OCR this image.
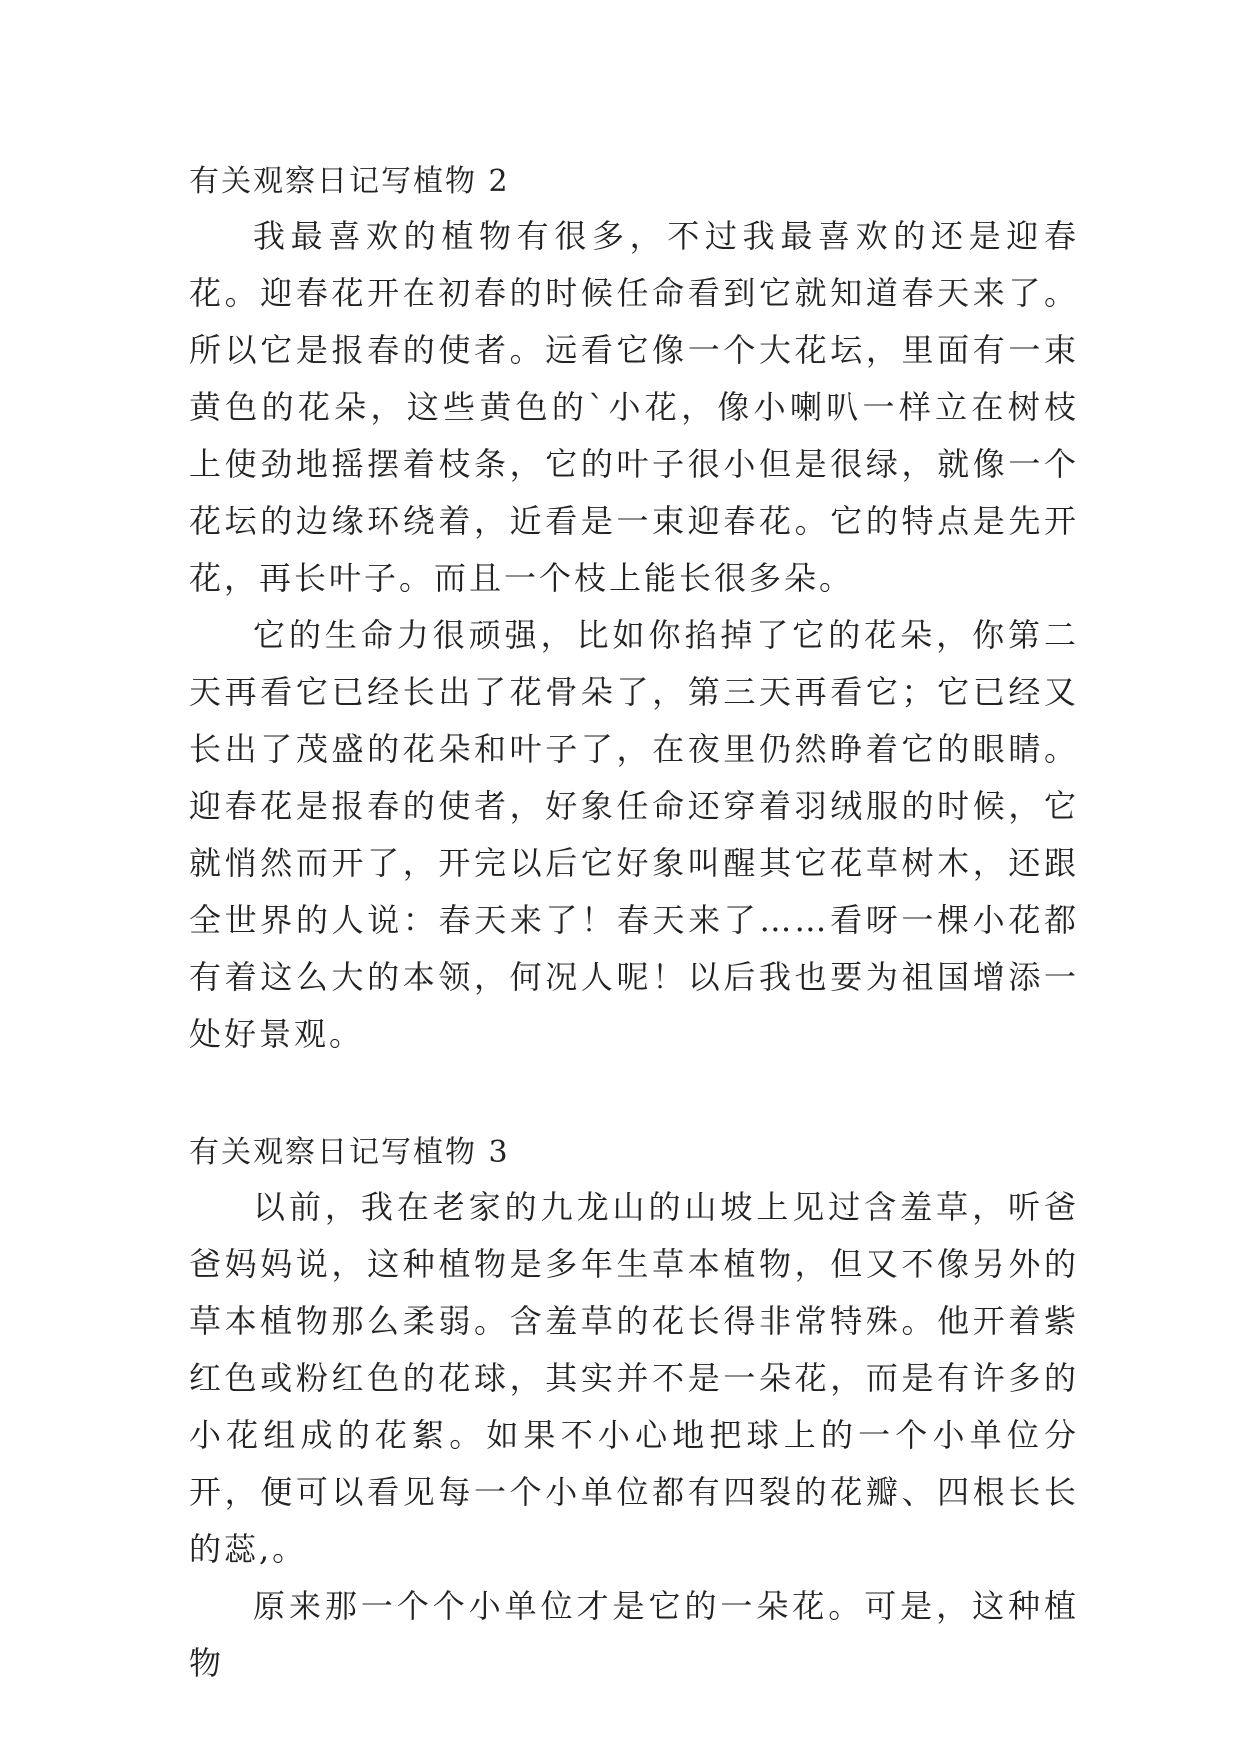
有关观察日记写植物 2

我最喜欢的植物有很多，不过我最喜欢的还是迎春花。迎春花开在初春的时候任命看到它就知道春天来了。所以它是报春的使者。远看它像一个大花坛，里面有一束黄色的花朵，这些黄色的`小花，像小喇叭一样立在树枝上使劲地摇摆着枝条，它的叶子很小但是很绿，就像一个花坛的边缘环绕着，近看是一束迎春花。它的特点是先开花，再长叶子。而且一个枝上能长很多朵。

它的生命力很顽强，比如你掐掉了它的花朵，你第二天再看它已经长出了花骨朵了，第三天再看它；它已经又长出了茂盛的花朵和叶子了，在夜里仍然睁着它的眼睛。迎春花是报春的使者，好象任命还穿着羽绒服的时候，它就悄然而开了，开完以后它好象叫醒其它花草树木，还跟全世界的人说：春天来了！春天来了……看呀一棵小花都有着这么大的本领，何况人呢！以后我也要为祖国增添一处好景观。

有关观察日记写植物 3

以前，我在老家的九龙山的山坡上见过含羞草，听爸爸妈妈说，这种植物是多年生草本植物，但又不像另外的草本植物那么柔弱。含羞草的花长得非常特殊。他开着紫红色或粉红色的花球，其实并不是一朵花，而是有许多的小花组成的花絮。如果不小心地把球上的一个小单位分开，便可以看见每一个小单位都有四裂的花瓣、四根长长的蕊,。

原来那一个个小单位才是它的一朵花。可是，这种植物
